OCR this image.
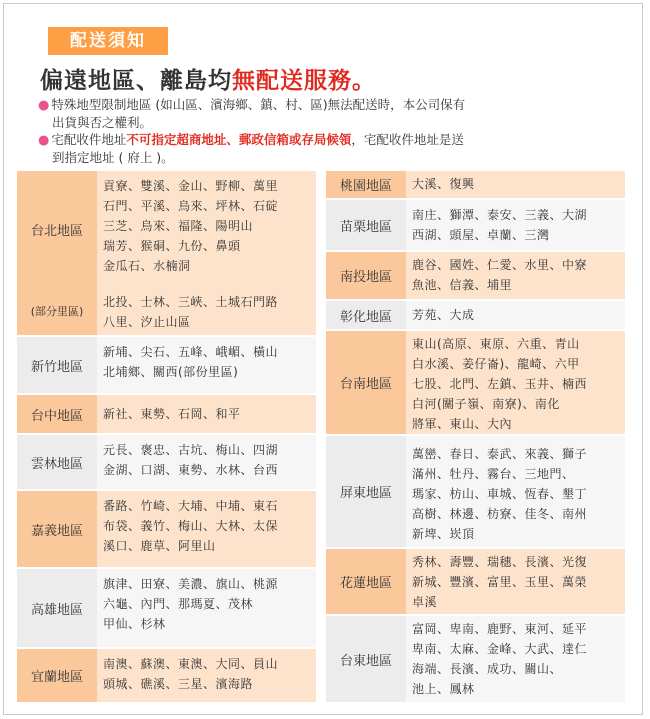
配送須知
偏遠地區、離島均無配送服務。
● 特殊地型限制地區 (如山區、濱海鄉、鎮、村、區)無法配送時，本公司保有
出貨與否之權利。
● 宅配收件地址不可指定超商地址、郵政信箱或存局候領，宅配收件地址是送
到指定地址 ( 府上 )。
台北地區
貢寮、雙溪、金山、野柳、萬里
石門、平溪、烏來、坪林、石碇
三芝、烏來、福隆、陽明山
瑞芳、猴硐、九份、鼻頭
金瓜石、水楠洞
(部分里區)
北投、士林、三峽、土城石門路
八里、汐止山區
新竹地區
新埔、尖石、五峰、峨嵋、橫山
北埔鄉、關西(部份里區)
台中地區	新社、東勢、石岡、和平
雲林地區
元長、褒忠、古坑、梅山、四湖
金湖、口湖、東勢、水林、台西
嘉義地區
番路、竹崎、大埔、中埔、東石
布袋、義竹、梅山、大林、太保
溪口、鹿草、阿里山
高雄地區
旗津、田寮、美濃、旗山、桃源
六龜、內門、那瑪夏、茂林
甲仙、杉林
宜蘭地區
南澳、蘇澳、東澳、大同、員山
頭城、礁溪、三星、濱海路
桃園地區	大溪、復興
苗栗地區
南庄、獅潭、泰安、三義、大湖
西湖、頭屋、卓蘭、三灣
南投地區
鹿谷、國姓、仁愛、水里、中寮
魚池、信義、埔里
彰化地區	芳苑、大成
台南地區
東山(高原、東原、六重、青山
白水溪、姜仔崙)、龍崎、六甲
七股、北門、左鎮、玉井、楠西
白河(關子嶺、南寮)、南化
將軍、東山、大內
屏東地區
萬巒、春日、泰武、來義、獅子
滿州、牡丹、霧台、三地門、
瑪家、枋山、車城、恆春、墾丁
高樹、林邊、枋寮、佳冬、南州
新埤、崁頂
花蓮地區
秀林、壽豐、瑞穗、長濱、光復
新城、豐濱、富里、玉里、萬榮
卓溪
台東地區
富岡、卑南、鹿野、東河、延平
卑南、太麻、金峰、大武、達仁
海端、長濱、成功、關山、
池上、鳳林
